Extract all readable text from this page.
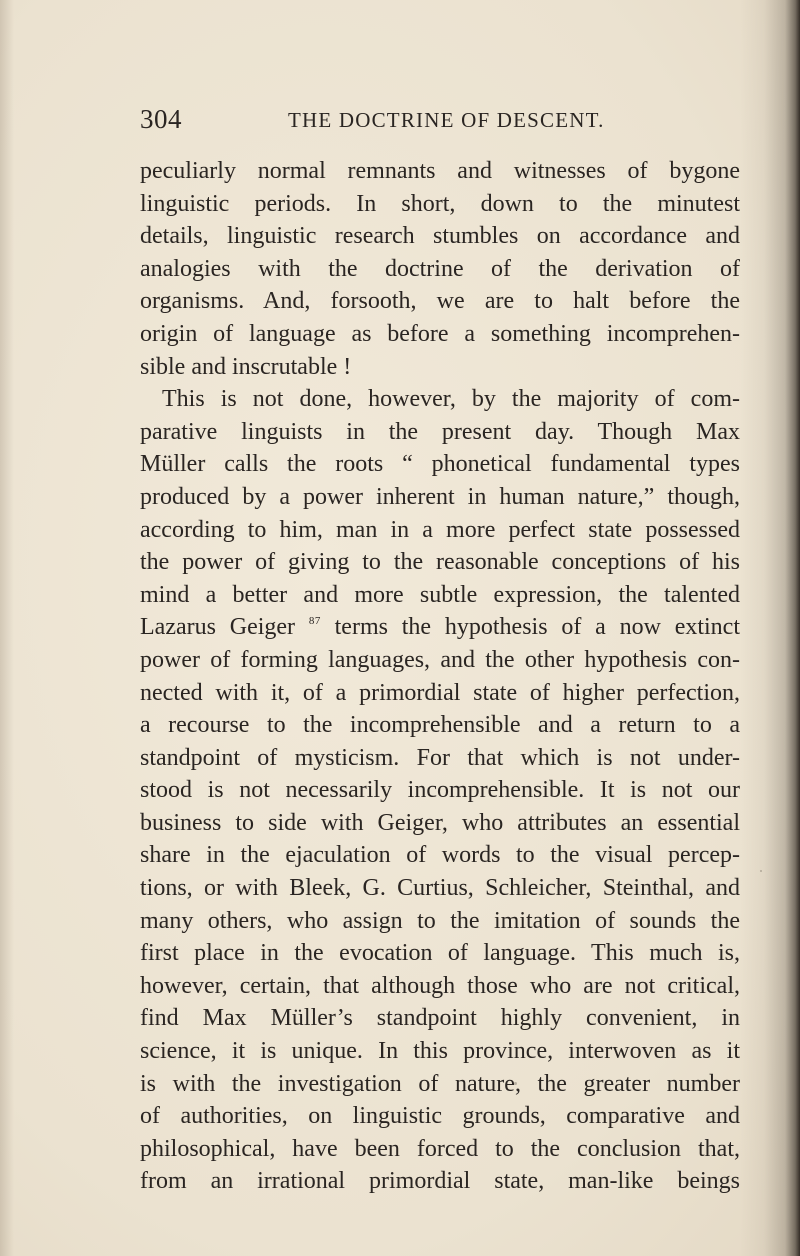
304	THE DOCTRINE OF DESCENT.
peculiarly normal remnants and witnesses of bygone
linguistic periods. In short, down to the minutest
details, linguistic research stumbles on accordance and
analogies with the doctrine of the derivation of
organisms. And, forsooth, we are to halt before the
origin of language as before a something incomprehen-
sible and inscrutable !
This is not done, however, by the majority of com-
parative linguists in the present day. Though Max
Müller calls the roots “ phonetical fundamental types
produced by a power inherent in human nature,” though,
according to him, man in a more perfect state possessed
the power of giving to the reasonable conceptions of his
mind a better and more subtle expression, the talented
Lazarus Geiger $^{87}$ terms the hypothesis of a now extinct
power of forming languages, and the other hypothesis con-
nected with it, of a primordial state of higher perfection,
a recourse to the incomprehensible and a return to a
standpoint of mysticism. For that which is not under-
stood is not necessarily incomprehensible. It is not our
business to side with Geiger, who attributes an essential
share in the ejaculation of words to the visual percep-
tions, or with Bleek, G. Curtius, Schleicher, Steinthal, and
many others, who assign to the imitation of sounds the
first place in the evocation of language. This much is,
however, certain, that although those who are not critical,
find Max Müller’s standpoint highly convenient, in
science, it is unique. In this province, interwoven as it
is with the investigation of nature, the greater number
of authorities, on linguistic grounds, comparative and
philosophical, have been forced to the conclusion that,
from an irrational primordial state, man-like beings
